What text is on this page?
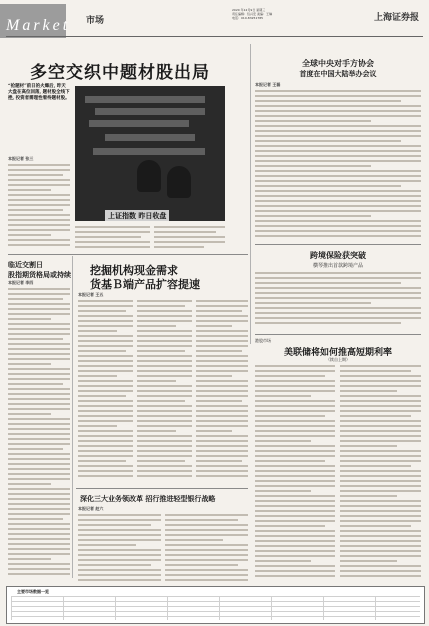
Market 市场
2020 年12月9日 星期三
责任编辑：包兴安 美编：王琳
电话：010-83251785	上海证券报
多空交织中题材股出局
“抢题材”前日的火爆后, 昨天大盘在高位回落, 题材股全线下挫, 投资者需理性看待题材股。
本报记者 张三
上证指数 昨日收盘
全球中央对手方协会
首度在中国大陆举办会议
本报记者 王磊
跨境保险获突破
横琴推出首款跨境产品
港股市场
美联储将如何推高短期利率
（续自上期）
临近交割日
股指期货格局或持续
本报记者 李四
挖掘机构现金需求
货基Ｂ端产品扩容提速
本报记者 王五
深化三大业务领改革 招行推进轻型银行战略
本报记者 赵六
主要市场数据一览
